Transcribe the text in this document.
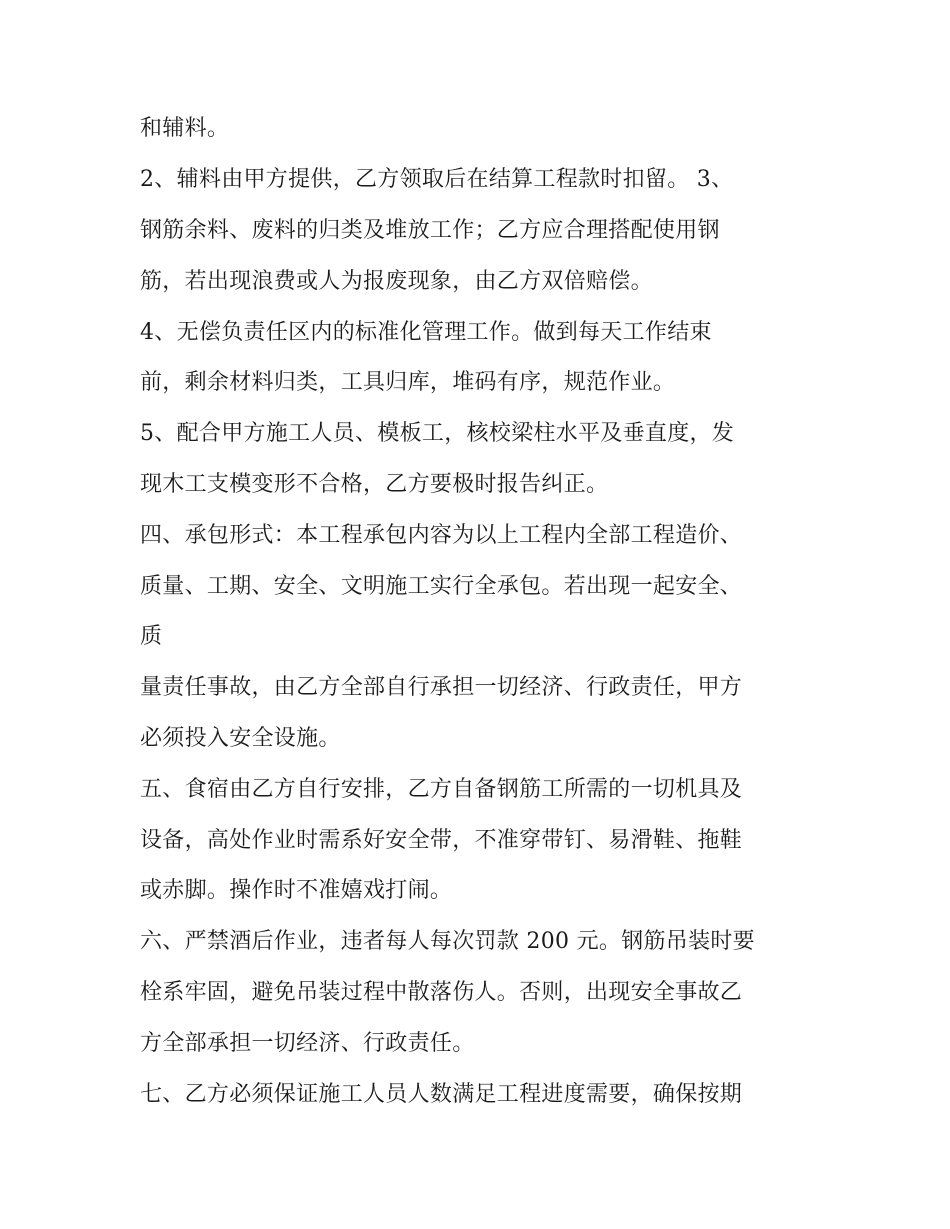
和辅料。
2、辅料由甲方提供，乙方领取后在结算工程款时扣留。 3、
钢筋余料、废料的归类及堆放工作；乙方应合理搭配使用钢
筋，若出现浪费或人为报废现象，由乙方双倍赔偿。
4、无偿负责任区内的标准化管理工作。做到每天工作结束
前，剩余材料归类，工具归库，堆码有序，规范作业。
5、配合甲方施工人员、模板工，核校梁柱水平及垂直度，发
现木工支模变形不合格，乙方要极时报告纠正。
四、承包形式：本工程承包内容为以上工程内全部工程造价、
质量、工期、安全、文明施工实行全承包。若出现一起安全、
质
量责任事故，由乙方全部自行承担一切经济、行政责任，甲方
必须投入安全设施。
五、食宿由乙方自行安排，乙方自备钢筋工所需的一切机具及
设备，高处作业时需系好安全带，不准穿带钉、易滑鞋、拖鞋
或赤脚。操作时不准嬉戏打闹。
六、严禁酒后作业，违者每人每次罚款 200 元。钢筋吊装时要
栓系牢固，避免吊装过程中散落伤人。否则，出现安全事故乙
方全部承担一切经济、行政责任。
七、乙方必须保证施工人员人数满足工程进度需要，确保按期
